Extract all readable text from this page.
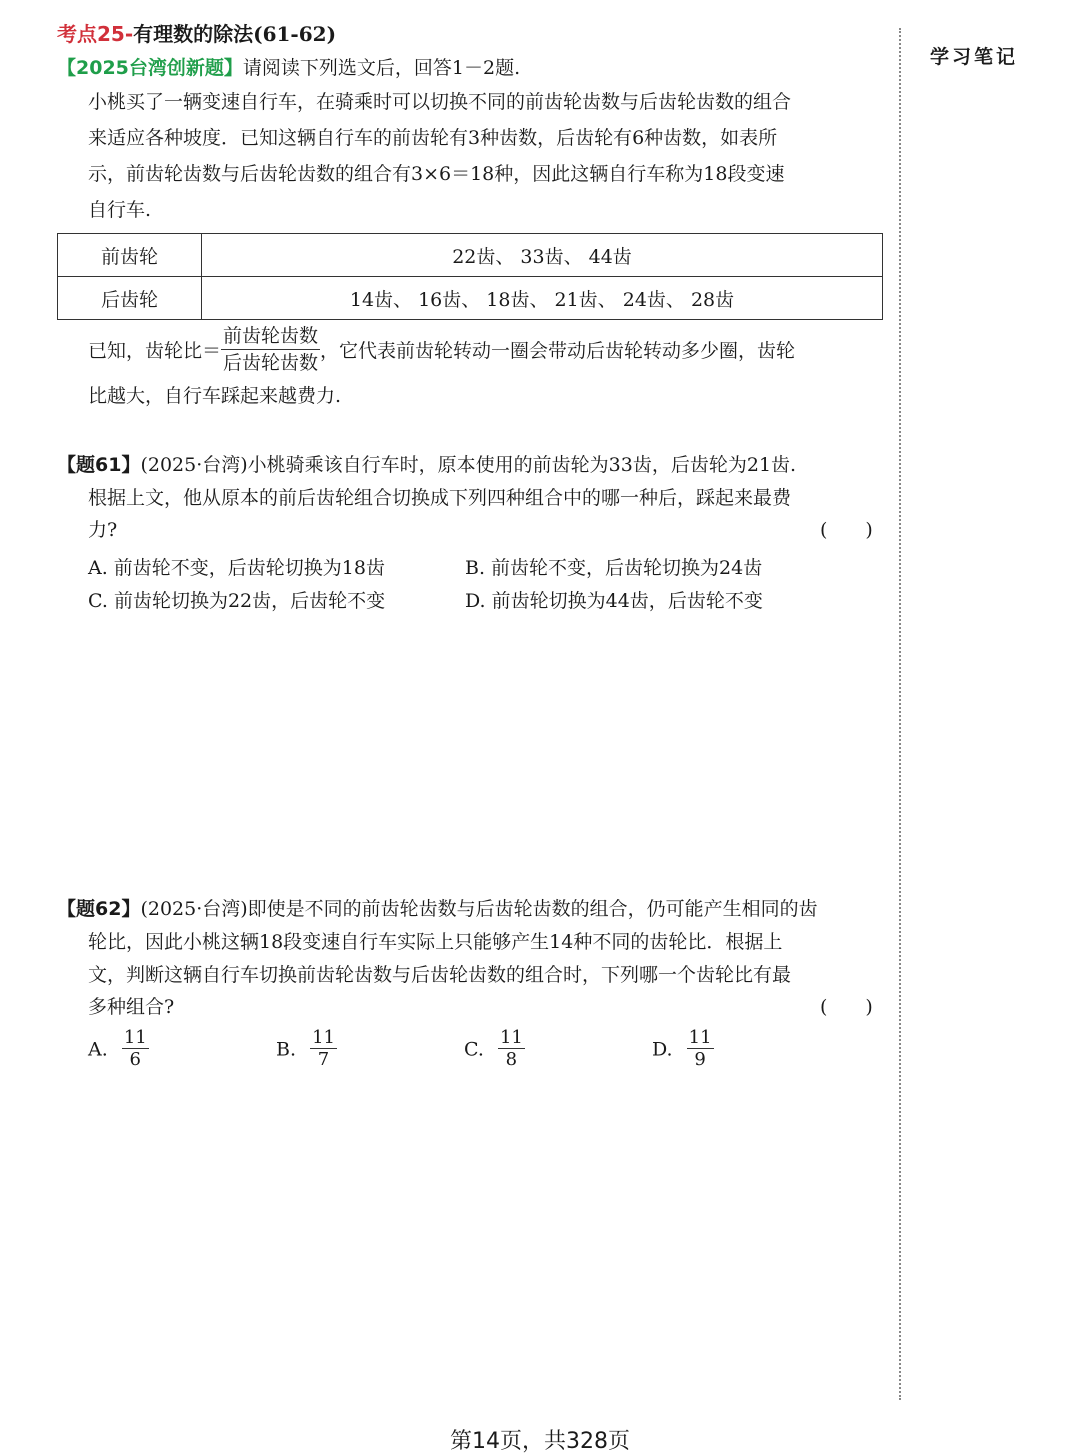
考点25-有理数的除法(61-62)
【2025台湾创新题】请阅读下列选文后，回答1－2题.
小桃买了一辆变速自行车，在骑乘时可以切换不同的前齿轮齿数与后齿轮齿数的组合
来适应各种坡度．已知这辆自行车的前齿轮有3种齿数，后齿轮有6种齿数，如表所
示，前齿轮齿数与后齿轮齿数的组合有3×6＝18种，因此这辆自行车称为18段变速
自行车.
前齿轮	22齿、 33齿、 44齿
后齿轮	14齿、 16齿、 18齿、 21齿、 24齿、 28齿
已知，齿轮比＝ $\frac{\text{前齿轮齿数}}{\text{后齿轮齿数}}$ ，它代表前齿轮转动一圈会带动后齿轮转动多少圈，齿轮
比越大，自行车踩起来越费力.
【题61】(2025·台湾)小桃骑乘该自行车时，原本使用的前齿轮为33齿，后齿轮为21齿.
根据上文，他从原本的前后齿轮组合切换成下列四种组合中的哪一种后，踩起来最费
力?	(　　)
A. 前齿轮不变，后齿轮切换为18齿	B. 前齿轮不变，后齿轮切换为24齿
C. 前齿轮切换为22齿，后齿轮不变	D. 前齿轮切换为44齿，后齿轮不变
【题62】(2025·台湾)即使是不同的前齿轮齿数与后齿轮齿数的组合，仍可能产生相同的齿
轮比，因此小桃这辆18段变速自行车实际上只能够产生14种不同的齿轮比．根据上
文，判断这辆自行车切换前齿轮齿数与后齿轮齿数的组合时，下列哪一个齿轮比有最
多种组合?	(　　)
A. $\frac{11}{6}$	B. $\frac{11}{7}$	C. $\frac{11}{8}$	D. $\frac{11}{9}$
学习笔记
第14页，共328页
